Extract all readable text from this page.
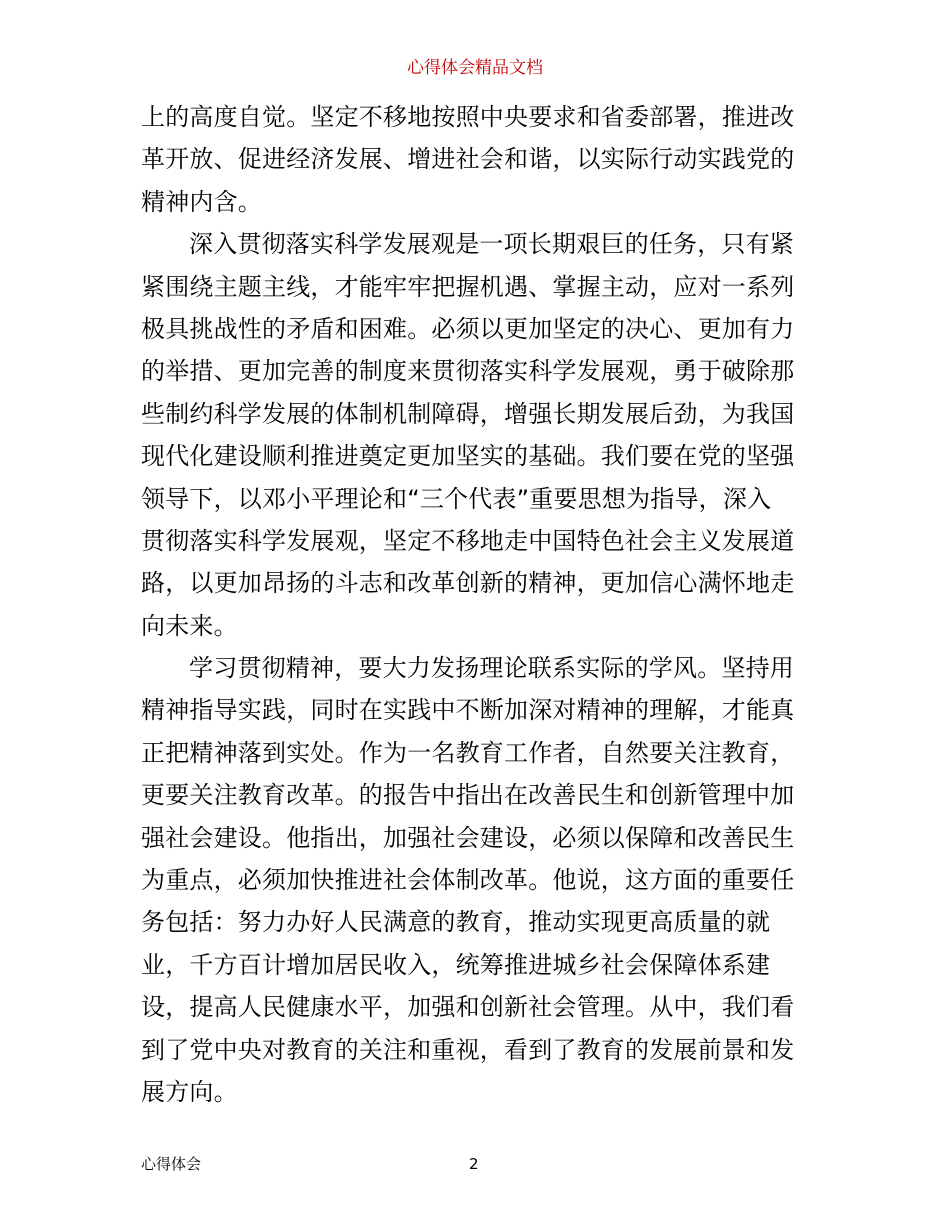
心得体会精品文档
上的高度自觉。坚定不移地按照中央要求和省委部署，推进改
革开放、促进经济发展、增进社会和谐，以实际行动实践党的
精神内含。
深入贯彻落实科学发展观是一项长期艰巨的任务，只有紧
紧围绕主题主线，才能牢牢把握机遇、掌握主动，应对一系列
极具挑战性的矛盾和困难。必须以更加坚定的决心、更加有力
的举措、更加完善的制度来贯彻落实科学发展观，勇于破除那
些制约科学发展的体制机制障碍，增强长期发展后劲，为我国
现代化建设顺利推进奠定更加坚实的基础。我们要在党的坚强
领导下，以邓小平理论和“三个代表”重要思想为指导，深入
贯彻落实科学发展观，坚定不移地走中国特色社会主义发展道
路，以更加昂扬的斗志和改革创新的精神，更加信心满怀地走
向未来。
学习贯彻精神，要大力发扬理论联系实际的学风。坚持用
精神指导实践，同时在实践中不断加深对精神的理解，才能真
正把精神落到实处。作为一名教育工作者，自然要关注教育，
更要关注教育改革。的报告中指出在改善民生和创新管理中加
强社会建设。他指出，加强社会建设，必须以保障和改善民生
为重点，必须加快推进社会体制改革。他说，这方面的重要任
务包括：努力办好人民满意的教育，推动实现更高质量的就
业，千方百计增加居民收入，统筹推进城乡社会保障体系建
设，提高人民健康水平，加强和创新社会管理。从中，我们看
到了党中央对教育的关注和重视，看到了教育的发展前景和发
展方向。
心得体会	2
